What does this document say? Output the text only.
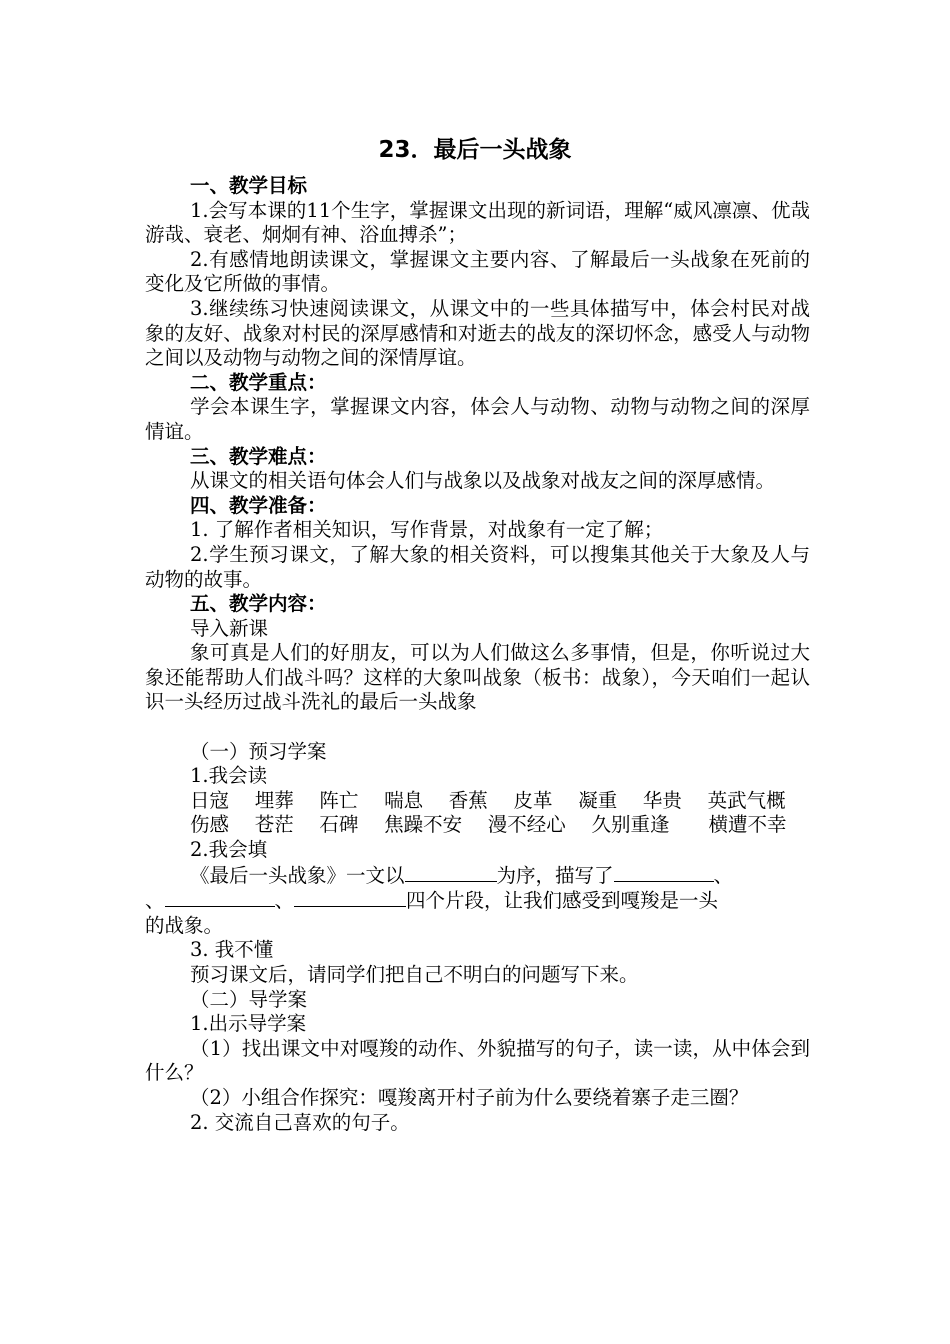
23．最后一头战象

一、教学目标

1.会写本课的11个生字，掌握课文出现的新词语，理解“威风凛凛、优哉游哉、衰老、炯炯有神、浴血搏杀”；

2.有感情地朗读课文，掌握课文主要内容、了解最后一头战象在死前的变化及它所做的事情。

3.继续练习快速阅读课文，从课文中的一些具体描写中，体会村民对战象的友好、战象对村民的深厚感情和对逝去的战友的深切怀念，感受人与动物之间以及动物与动物之间的深情厚谊。

二、教学重点：

学会本课生字，掌握课文内容，体会人与动物、动物与动物之间的深厚情谊。

三、教学难点：

从课文的相关语句体会人们与战象以及战象对战友之间的深厚感情。

四、教学准备：

1. 了解作者相关知识，写作背景，对战象有一定了解；

2.学生预习课文，了解大象的相关资料，可以搜集其他关于大象及人与动物的故事。

五、教学内容：

导入新课

象可真是人们的好朋友，可以为人们做这么多事情，但是，你听说过大象还能帮助人们战斗吗？这样的大象叫战象（板书：战象），今天咱们一起认识一头经历过战斗洗礼的最后一头战象

（一）预习学案

1.我会读

日寇　 埋葬　 阵亡　 喘息　 香蕉　 皮革　 凝重　 华贵　 英武气概

伤感　 苍茫　 石碑　 焦躁不安　 漫不经心　 久别重逢　　横遭不幸

2.我会填

《最后一头战象》一文以	为序，描写了	、
、	、	四个片段，让我们感受到嘎羧是一头
的战象。

3. 我不懂

预习课文后，请同学们把自己不明白的问题写下来。

（二）导学案

1.出示导学案

（1）找出课文中对嘎羧的动作、外貌描写的句子，读一读，从中体会到什么？

（2）小组合作探究：嘎羧离开村子前为什么要绕着寨子走三圈？

2. 交流自己喜欢的句子。
